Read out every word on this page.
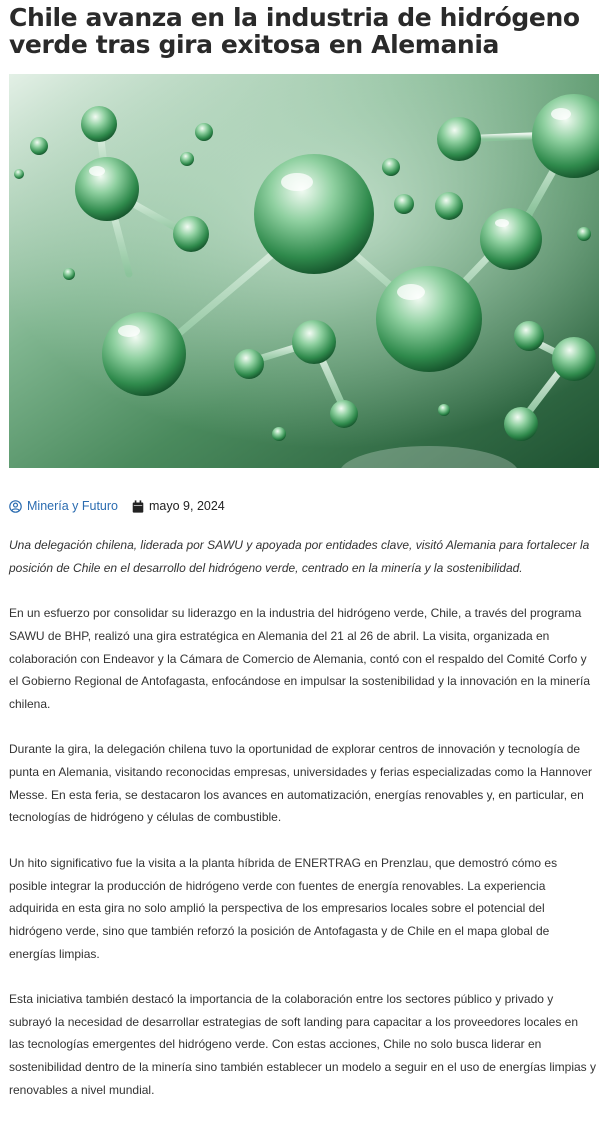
Chile avanza en la industria de hidrógeno verde tras gira exitosa en Alemania
Minería y Futuro mayo 9, 2024

Una delegación chilena, liderada por SAWU y apoyada por entidades clave, visitó Alemania para fortalecer la posición de Chile en el desarrollo del hidrógeno verde, centrado en la minería y la sostenibilidad.

En un esfuerzo por consolidar su liderazgo en la industria del hidrógeno verde, Chile, a través del programa SAWU de BHP, realizó una gira estratégica en Alemania del 21 al 26 de abril. La visita, organizada en colaboración con Endeavor y la Cámara de Comercio de Alemania, contó con el respaldo del Comité Corfo y el Gobierno Regional de Antofagasta, enfocándose en impulsar la sostenibilidad y la innovación en la minería chilena.

Durante la gira, la delegación chilena tuvo la oportunidad de explorar centros de innovación y tecnología de punta en Alemania, visitando reconocidas empresas, universidades y ferias especializadas como la Hannover Messe. En esta feria, se destacaron los avances en automatización, energías renovables y, en particular, en tecnologías de hidrógeno y células de combustible.

Un hito significativo fue la visita a la planta híbrida de ENERTRAG en Prenzlau, que demostró cómo es posible integrar la producción de hidrógeno verde con fuentes de energía renovables. La experiencia adquirida en esta gira no solo amplió la perspectiva de los empresarios locales sobre el potencial del hidrógeno verde, sino que también reforzó la posición de Antofagasta y de Chile en el mapa global de energías limpias.

Esta iniciativa también destacó la importancia de la colaboración entre los sectores público y privado y subrayó la necesidad de desarrollar estrategias de soft landing para capacitar a los proveedores locales en las tecnologías emergentes del hidrógeno verde. Con estas acciones, Chile no solo busca liderar en sostenibilidad dentro de la minería sino también establecer un modelo a seguir en el uso de energías limpias y renovables a nivel mundial.
